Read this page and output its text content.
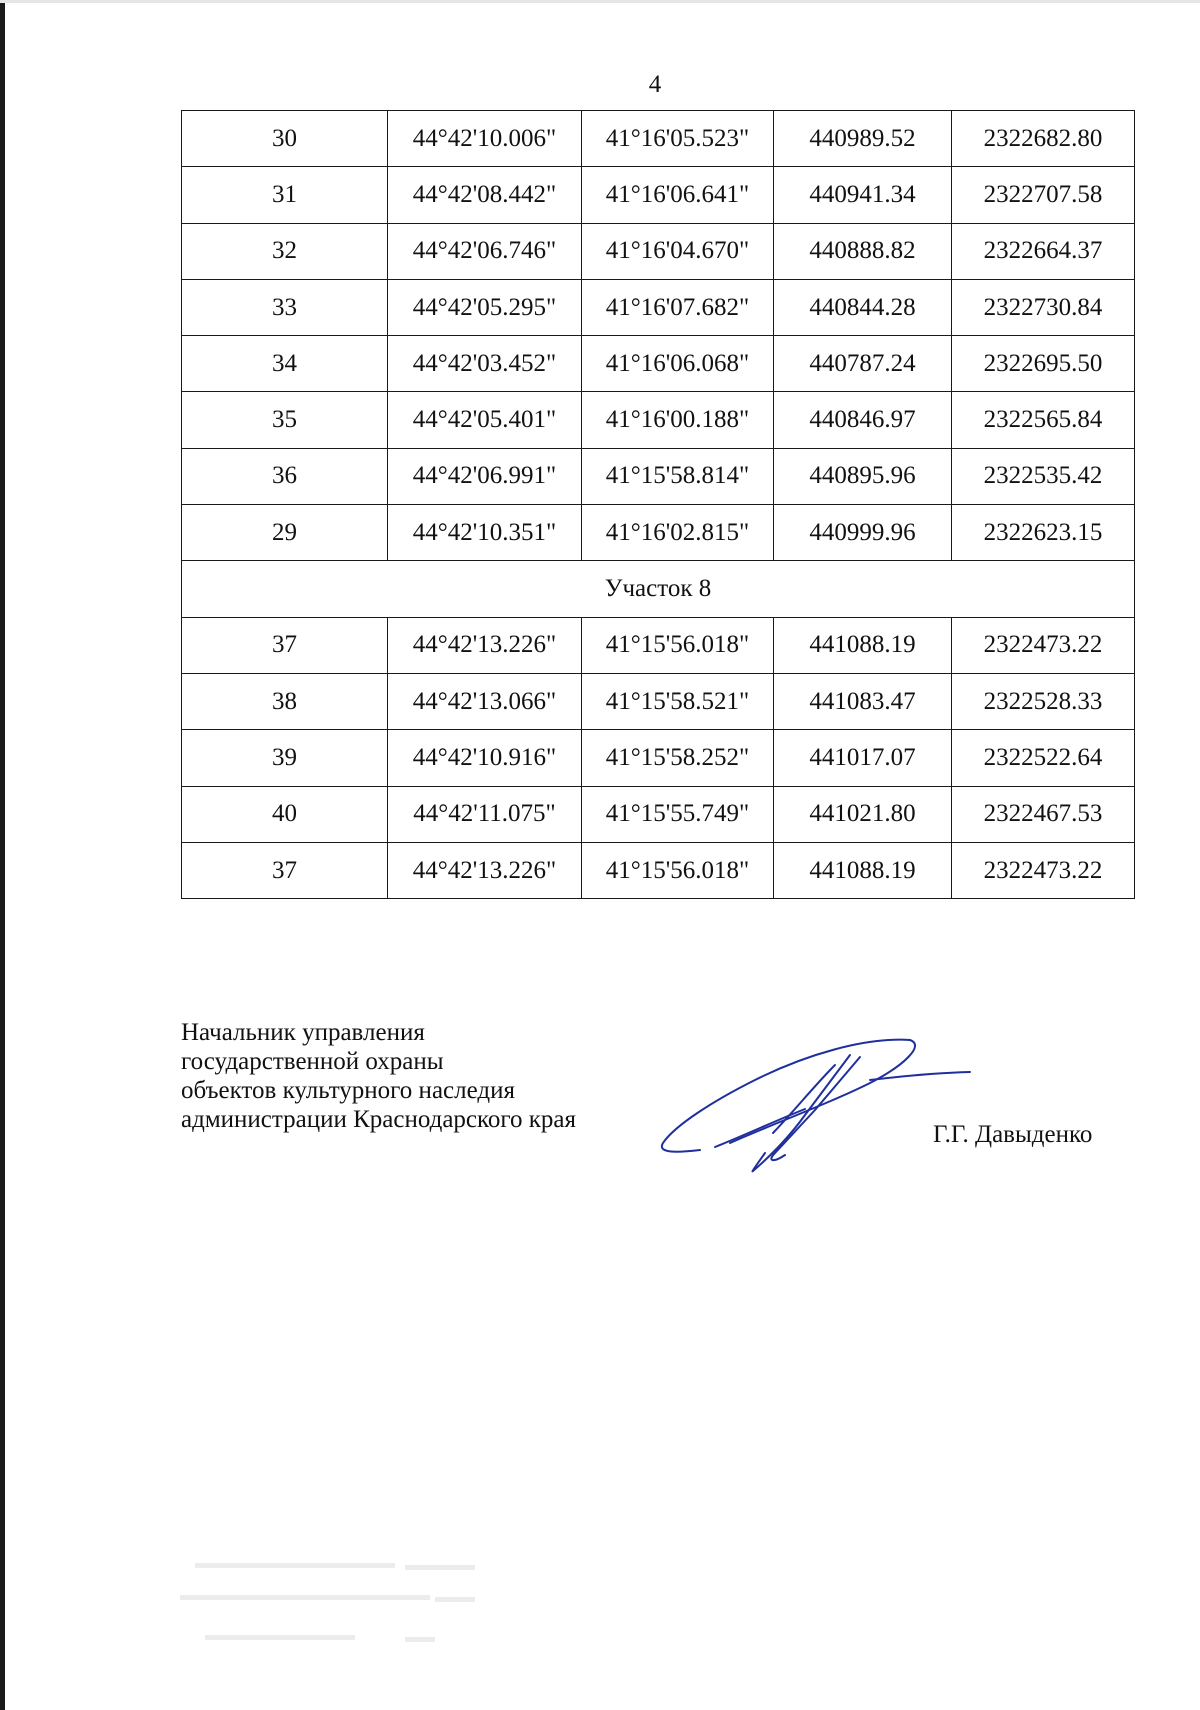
4
30	44°42'10.006"	41°16'05.523"	440989.52	2322682.80
31	44°42'08.442"	41°16'06.641"	440941.34	2322707.58
32	44°42'06.746"	41°16'04.670"	440888.82	2322664.37
33	44°42'05.295"	41°16'07.682"	440844.28	2322730.84
34	44°42'03.452"	41°16'06.068"	440787.24	2322695.50
35	44°42'05.401"	41°16'00.188"	440846.97	2322565.84
36	44°42'06.991"	41°15'58.814"	440895.96	2322535.42
29	44°42'10.351"	41°16'02.815"	440999.96	2322623.15
Участок 8				
37	44°42'13.226"	41°15'56.018"	441088.19	2322473.22
38	44°42'13.066"	41°15'58.521"	441083.47	2322528.33
39	44°42'10.916"	41°15'58.252"	441017.07	2322522.64
40	44°42'11.075"	41°15'55.749"	441021.80	2322467.53
37	44°42'13.226"	41°15'56.018"	441088.19	2322473.22
Начальник управления
государственной охраны
объектов культурного наследия
администрации Краснодарского края
Г.Г. Давыденко
